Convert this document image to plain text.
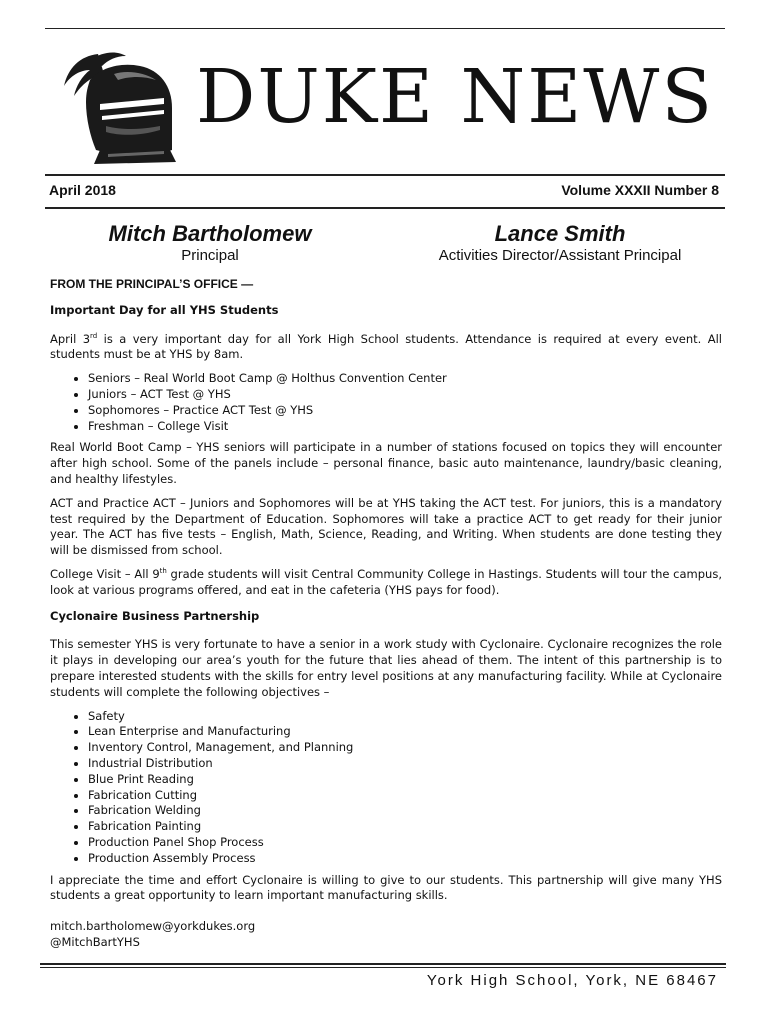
DUKE NEWS
April 2018	Volume XXXII Number 8
Mitch Bartholomew
Principal
Lance Smith
Activities Director/Assistant Principal
FROM THE PRINCIPAL’S OFFICE —
Important Day for all YHS Students

April 3rd is a very important day for all York High School students. Attendance is required at every event. All students must be at YHS by 8am.

• Seniors – Real World Boot Camp @ Holthus Convention Center
• Juniors – ACT Test @ YHS
• Sophomores – Practice ACT Test @ YHS
• Freshman – College Visit

Real World Boot Camp – YHS seniors will participate in a number of stations focused on topics they will encounter after high school. Some of the panels include – personal finance, basic auto maintenance, laundry/basic cleaning, and healthy lifestyles.

ACT and Practice ACT – Juniors and Sophomores will be at YHS taking the ACT test. For juniors, this is a mandatory test required by the Department of Education. Sophomores will take a practice ACT to get ready for their junior year. The ACT has five tests – English, Math, Science, Reading, and Writing. When students are done testing they will be dismissed from school.

College Visit – All 9th grade students will visit Central Community College in Hastings. Students will tour the campus, look at various programs offered, and eat in the cafeteria (YHS pays for food).

Cyclonaire Business Partnership

This semester YHS is very fortunate to have a senior in a work study with Cyclonaire. Cyclonaire recognizes the role it plays in developing our area’s youth for the future that lies ahead of them. The intent of this partnership is to prepare interested students with the skills for entry level positions at any manufacturing facility. While at Cyclonaire students will complete the following objectives –

• Safety
• Lean Enterprise and Manufacturing
• Inventory Control, Management, and Planning
• Industrial Distribution
• Blue Print Reading
• Fabrication Cutting
• Fabrication Welding
• Fabrication Painting
• Production Panel Shop Process
• Production Assembly Process

I appreciate the time and effort Cyclonaire is willing to give to our students. This partnership will give many YHS students a great opportunity to learn important manufacturing skills.

mitch.bartholomew@yorkdukes.org
@MitchBartYHS
York High School, York, NE 68467
